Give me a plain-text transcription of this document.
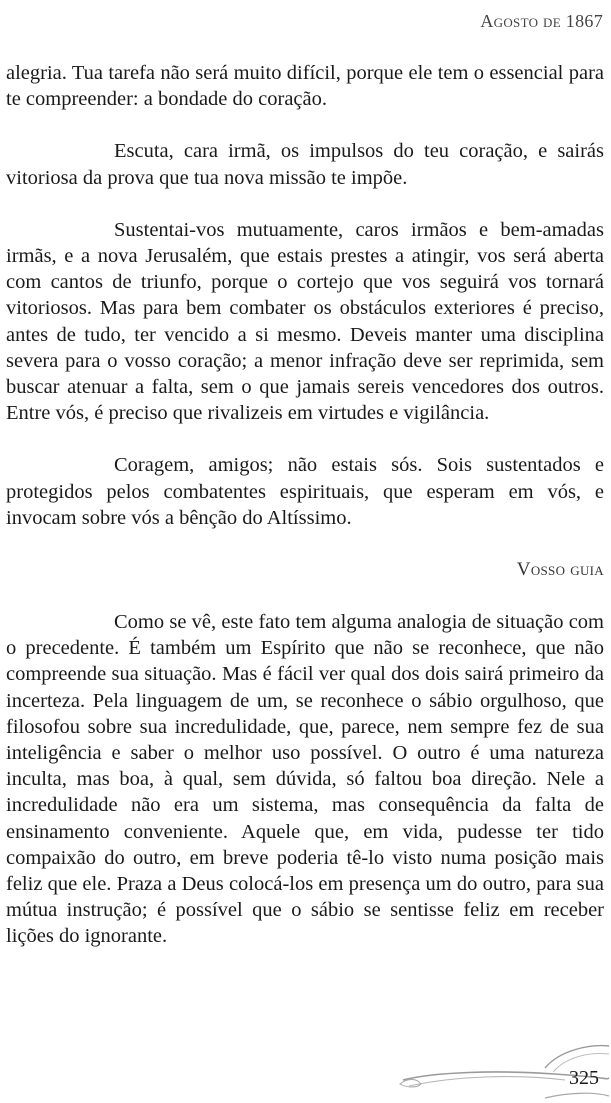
Agosto de 1867

alegria. Tua tarefa não será muito difícil, porque ele tem o essencial para te compreender: a bondade do coração.

Escuta, cara irmã, os impulsos do teu coração, e sairás vitoriosa da prova que tua nova missão te impõe.

Sustentai-vos mutuamente, caros irmãos e bem-amadas irmãs, e a nova Jerusalém, que estais prestes a atingir, vos será aberta com cantos de triunfo, porque o cortejo que vos seguirá vos tornará vitoriosos. Mas para bem combater os obstáculos exteriores é preciso, antes de tudo, ter vencido a si mesmo. Deveis manter uma disciplina severa para o vosso coração; a menor infração deve ser reprimida, sem buscar atenuar a falta, sem o que jamais sereis vencedores dos outros. Entre vós, é preciso que rivalizeis em virtudes e vigilância.

Coragem, amigos; não estais sós. Sois sustentados e protegidos pelos combatentes espirituais, que esperam em vós, e invocam sobre vós a bênção do Altíssimo.

Vosso guia

Como se vê, este fato tem alguma analogia de situação com o precedente. É também um Espírito que não se reconhece, que não compreende sua situação. Mas é fácil ver qual dos dois sairá primeiro da incerteza. Pela linguagem de um, se reconhece o sábio orgulhoso, que filosofou sobre sua incredulidade, que, parece, nem sempre fez de sua inteligência e saber o melhor uso possível. O outro é uma natureza inculta, mas boa, à qual, sem dúvida, só faltou boa direção. Nele a incredulidade não era um sistema, mas consequência da falta de ensinamento conveniente. Aquele que, em vida, pudesse ter tido compaixão do outro, em breve poderia tê-lo visto numa posição mais feliz que ele. Praza a Deus colocá-los em presença um do outro, para sua mútua instrução; é possível que o sábio se sentisse feliz em receber lições do ignorante.

325
